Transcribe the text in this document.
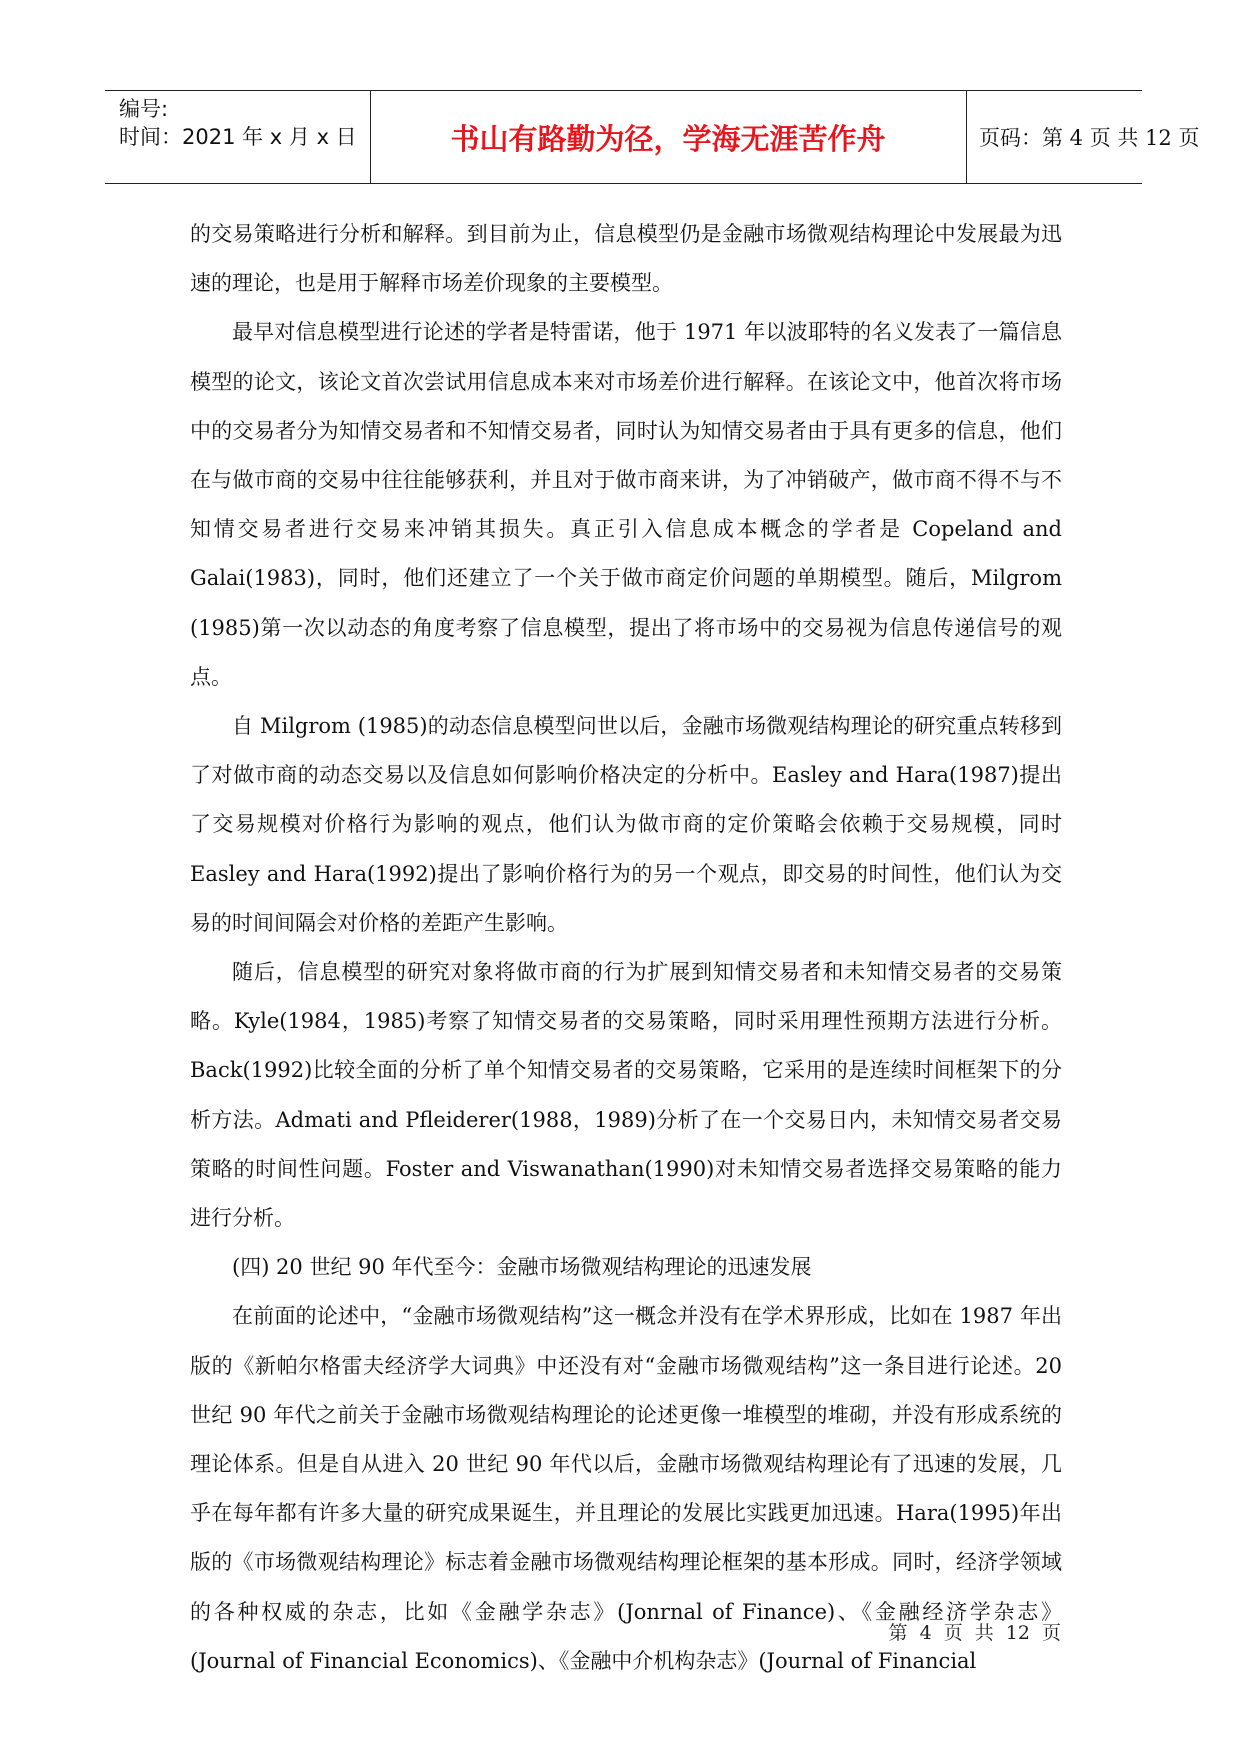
编号:
时间：2021 年 x 月 x 日	书山有路勤为径，学海无涯苦作舟	页码：第 4 页 共 12 页

的交易策略进行分析和解释。到目前为止，信息模型仍是金融市场微观结构理论中发展最为迅速的理论，也是用于解释市场差价现象的主要模型。

最早对信息模型进行论述的学者是特雷诺，他于 1971 年以波耶特的名义发表了一篇信息模型的论文，该论文首次尝试用信息成本来对市场差价进行解释。在该论文中，他首次将市场中的交易者分为知情交易者和不知情交易者，同时认为知情交易者由于具有更多的信息，他们在与做市商的交易中往往能够获利，并且对于做市商来讲，为了冲销破产，做市商不得不与不知情交易者进行交易来冲销其损失。真正引入信息成本概念的学者是 Copeland and Galai(1983)，同时，他们还建立了一个关于做市商定价问题的单期模型。随后，Milgrom (1985)第一次以动态的角度考察了信息模型，提出了将市场中的交易视为信息传递信号的观点。

自 Milgrom (1985)的动态信息模型问世以后，金融市场微观结构理论的研究重点转移到了对做市商的动态交易以及信息如何影响价格决定的分析中。Easley and Hara(1987)提出了交易规模对价格行为影响的观点，他们认为做市商的定价策略会依赖于交易规模，同时 Easley and Hara(1992)提出了影响价格行为的另一个观点，即交易的时间性，他们认为交易的时间间隔会对价格的差距产生影响。

随后，信息模型的研究对象将做市商的行为扩展到知情交易者和未知情交易者的交易策略。Kyle(1984，1985)考察了知情交易者的交易策略，同时采用理性预期方法进行分析。Back(1992)比较全面的分析了单个知情交易者的交易策略，它采用的是连续时间框架下的分析方法。Admati and Pfleiderer(1988，1989)分析了在一个交易日内，未知情交易者交易策略的时间性问题。Foster and Viswanathan(1990)对未知情交易者选择交易策略的能力进行分析。

(四) 20 世纪 90 年代至今：金融市场微观结构理论的迅速发展

在前面的论述中，“金融市场微观结构”这一概念并没有在学术界形成，比如在 1987 年出版的《新帕尔格雷夫经济学大词典》中还没有对“金融市场微观结构”这一条目进行论述。20 世纪 90 年代之前关于金融市场微观结构理论的论述更像一堆模型的堆砌，并没有形成系统的理论体系。但是自从进入 20 世纪 90 年代以后，金融市场微观结构理论有了迅速的发展，几乎在每年都有许多大量的研究成果诞生，并且理论的发展比实践更加迅速。Hara(1995)年出版的《市场微观结构理论》标志着金融市场微观结构理论框架的基本形成。同时，经济学领域的各种权威的杂志，比如《金融学杂志》(Jonrnal of Finance)、《金融经济学杂志》(Journal of Financial Economics)、《金融中介机构杂志》(Journal of Financial

第 4 页 共 12 页
